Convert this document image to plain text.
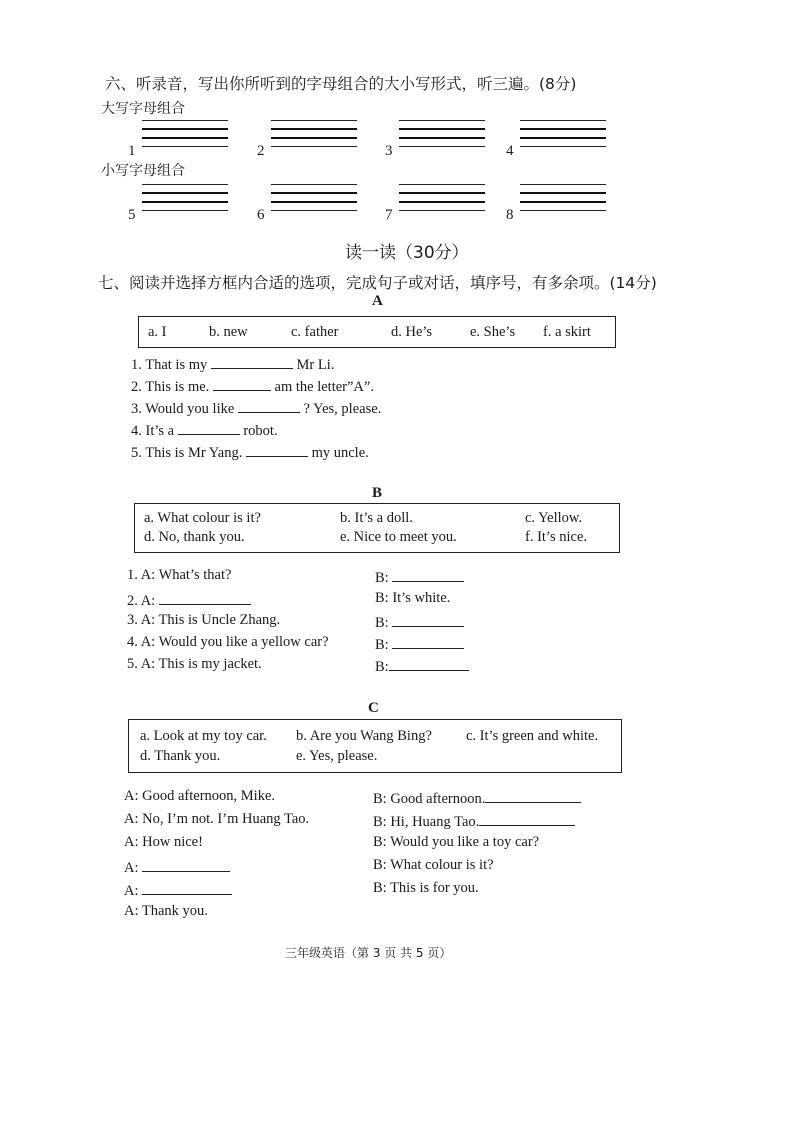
六、听录音，写出你所听到的字母组合的大小写形式，听三遍。(8分)
大写字母组合
1	2	3	4
小写字母组合
5	6	7	8
读一读（30分）
七、阅读并选择方框内合适的选项，完成句子或对话，填序号，有多余项。(14分)
A
a. I	b. new	c. father	d. He’s	e. She’s f. a skirt
1. That is my	Mr Li.
2. This is me.	am the letter”A”.
3. Would you like	? Yes, please.
4. It’s a	robot.
5. This is Mr Yang.	my uncle.
B
a. What colour is it?	b. It’s a doll.	c. Yellow.
d. No, thank you.	e. Nice to meet you.	f. It’s nice.
1. A: What’s that?	B:
2. A:	B: It’s white.
3. A: This is Uncle Zhang.	B:
4. A: Would you like a yellow car?	B:
5. A: This is my jacket.	B:
C
a. Look at my toy car. b. Are you Wang Bing? c. It’s green and white.
d. Thank you.	e. Yes, please.
A: Good afternoon, Mike.	B: Good afternoon.
A: No, I’m not. I’m Huang Tao.	B: Hi, Huang Tao.
A: How nice!	B: Would you like a toy car?
A:	B: What colour is it?
A:	B: This is for you.
A: Thank you.
三年级英语（第 3 页 共 5 页）
